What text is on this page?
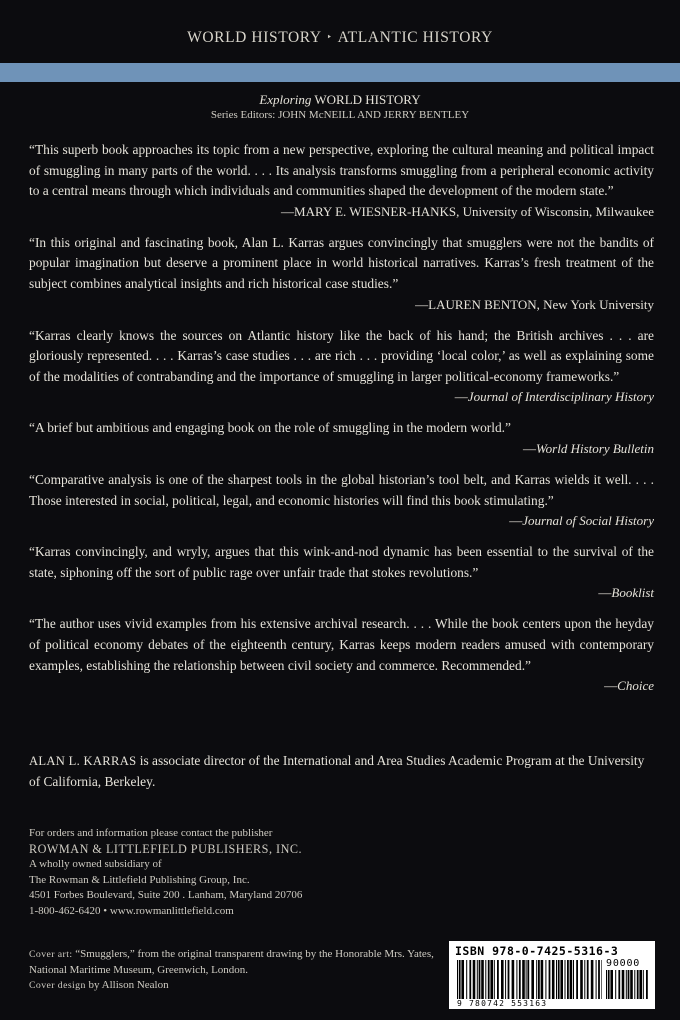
WORLD HISTORY ‣ ATLANTIC HISTORY
Exploring WORLD HISTORY
Series Editors: JOHN McNEILL AND JERRY BENTLEY

“This superb book approaches its topic from a new perspective, exploring the cultural meaning and political impact of smuggling in many parts of the world. . . . Its analysis transforms smuggling from a peripheral economic activity to a central means through which individuals and communities shaped the development of the modern state.”

—MARY E. WIESNER-HANKS, University of Wisconsin, Milwaukee

“In this original and fascinating book, Alan L. Karras argues convincingly that smugglers were not the bandits of popular imagination but deserve a prominent place in world historical narratives. Karras’s fresh treatment of the subject combines analytical insights and rich historical case studies.”

—LAUREN BENTON, New York University

“Karras clearly knows the sources on Atlantic history like the back of his hand; the British archives . . . are gloriously represented. . . . Karras’s case studies . . . are rich . . . providing ‘local color,’ as well as explaining some of the modalities of contrabanding and the importance of smuggling in larger political-economy frameworks.”

—Journal of Interdisciplinary History

“A brief but ambitious and engaging book on the role of smuggling in the modern world.”

—World History Bulletin

“Comparative analysis is one of the sharpest tools in the global historian’s tool belt, and Karras wields it well. . . . Those interested in social, political, legal, and economic histories will find this book stimulating.”

—Journal of Social History

“Karras convincingly, and wryly, argues that this wink-and-nod dynamic has been essential to the survival of the state, siphoning off the sort of public rage over unfair trade that stokes revolutions.”

—Booklist

“The author uses vivid examples from his extensive archival research. . . . While the book centers upon the heyday of political economy debates of the eighteenth century, Karras keeps modern readers amused with contemporary examples, establishing the relationship between civil society and commerce. Recommended.”

—Choice
ALAN L. KARRAS is associate director of the International and Area Studies Academic Program at the University of California, Berkeley.
For orders and information please contact the publisher
ROWMAN & LITTLEFIELD PUBLISHERS, INC.
A wholly owned subsidiary of
The Rowman & Littlefield Publishing Group, Inc.
4501 Forbes Boulevard, Suite 200 . Lanham, Maryland 20706
1-800-462-6420 • www.rowmanlittlefield.com
Cover art: “Smugglers,” from the original transparent drawing by the Honorable Mrs. Yates, National Maritime Museum, Greenwich, London.
Cover design by Allison Nealon
ISBN 978-0-7425-5316-3
90000
9 780742 553163
